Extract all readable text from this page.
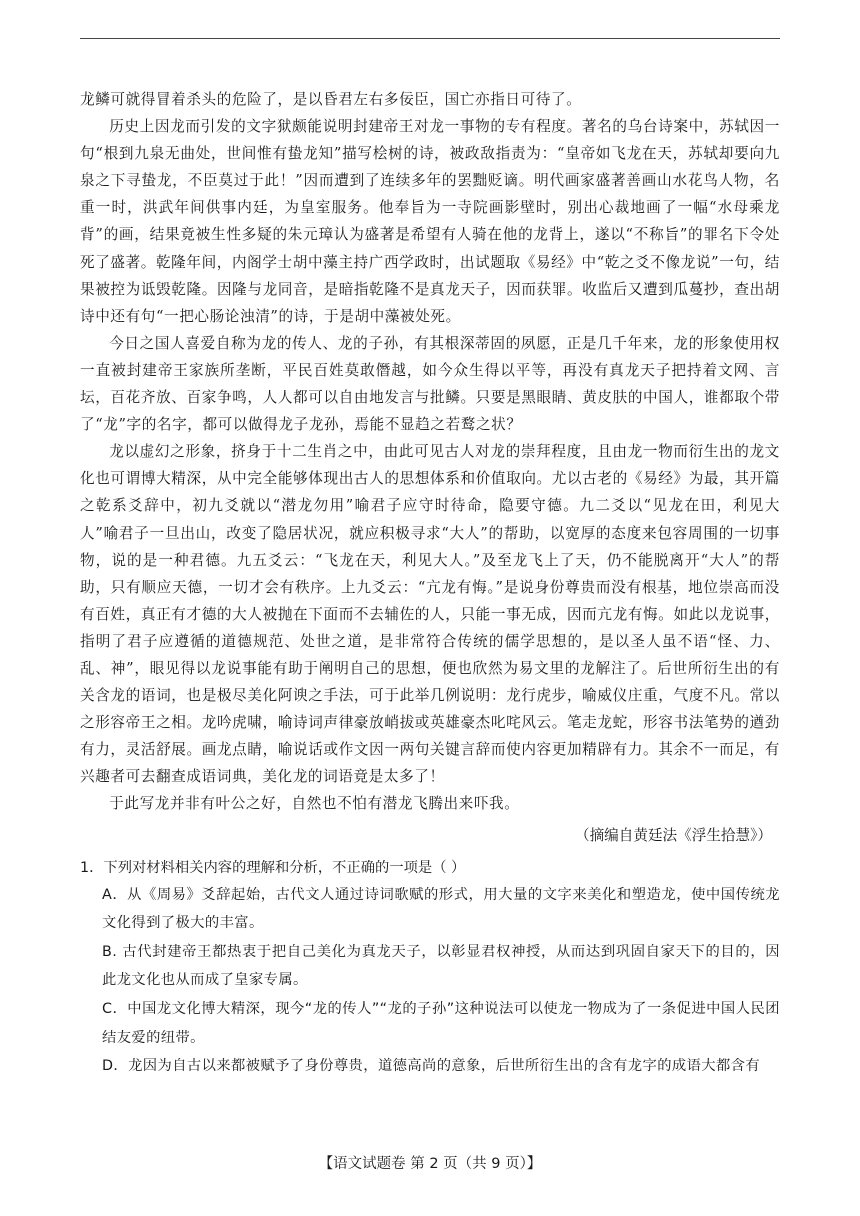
龙鳞可就得冒着杀头的危险了，是以昏君左右多佞臣，国亡亦指日可待了。

历史上因龙而引发的文字狱颇能说明封建帝王对龙一事物的专有程度。著名的乌台诗案中，苏轼因一句“根到九泉无曲处，世间惟有蛰龙知”描写桧树的诗，被政敌指责为：“皇帝如飞龙在天，苏轼却要向九泉之下寻蛰龙，不臣莫过于此！”因而遭到了连续多年的罢黜贬谪。明代画家盛著善画山水花鸟人物，名重一时，洪武年间供事内廷，为皇室服务。他奉旨为一寺院画影壁时，别出心裁地画了一幅“水母乘龙背”的画，结果竟被生性多疑的朱元璋认为盛著是希望有人骑在他的龙背上，遂以“不称旨”的罪名下令处死了盛著。乾隆年间，内阁学士胡中藻主持广西学政时，出试题取《易经》中“乾之爻不像龙说”一句，结果被控为诋毁乾隆。因隆与龙同音，是暗指乾隆不是真龙天子，因而获罪。收监后又遭到瓜蔓抄，查出胡诗中还有句“一把心肠论浊清”的诗，于是胡中藻被处死。

今日之国人喜爱自称为龙的传人、龙的子孙，有其根深蒂固的夙愿，正是几千年来，龙的形象使用权一直被封建帝王家族所垄断，平民百姓莫敢僭越，如今众生得以平等，再没有真龙天子把持着文网、言坛，百花齐放、百家争鸣，人人都可以自由地发言与批鳞。只要是黑眼睛、黄皮肤的中国人，谁都取个带了“龙”字的名字，都可以做得龙子龙孙，焉能不显趋之若鹜之状？

龙以虚幻之形象，挤身于十二生肖之中，由此可见古人对龙的崇拜程度，且由龙一物而衍生出的龙文化也可谓博大精深，从中完全能够体现出古人的思想体系和价值取向。尤以古老的《易经》为最，其开篇之乾系爻辞中，初九爻就以“潜龙勿用”喻君子应守时待命，隐要守德。九二爻以“见龙在田，利见大人”喻君子一旦出山，改变了隐居状况，就应积极寻求“大人”的帮助，以宽厚的态度来包容周围的一切事物，说的是一种君德。九五爻云：“飞龙在天，利见大人。”及至龙飞上了天，仍不能脱离开“大人”的帮助，只有顺应天德，一切才会有秩序。上九爻云：“亢龙有悔。”是说身份尊贵而没有根基，地位崇高而没有百姓，真正有才德的大人被抛在下面而不去辅佐的人，只能一事无成，因而亢龙有悔。如此以龙说事，指明了君子应遵循的道德规范、处世之道，是非常符合传统的儒学思想的，是以圣人虽不语“怪、力、乱、神”，眼见得以龙说事能有助于阐明自己的思想，便也欣然为易文里的龙解注了。后世所衍生出的有关含龙的语词，也是极尽美化阿谀之手法，可于此举几例说明：龙行虎步，喻威仪庄重，气度不凡。常以之形容帝王之相。龙吟虎啸，喻诗词声律豪放峭拔或英雄豪杰叱咤风云。笔走龙蛇，形容书法笔势的遒劲有力，灵活舒展。画龙点睛，喻说话或作文因一两句关键言辞而使内容更加精辟有力。其余不一而足，有兴趣者可去翻查成语词典，美化龙的词语竟是太多了！

于此写龙并非有叶公之好，自然也不怕有潜龙飞腾出来吓我。

（摘编自黄廷法《浮生拾慧》）

1．下列对材料相关内容的理解和分析，不正确的一项是（ ）

A．从《周易》爻辞起始，古代文人通过诗词歌赋的形式，用大量的文字来美化和塑造龙，使中国传统龙文化得到了极大的丰富。

B. 古代封建帝王都热衷于把自己美化为真龙天子，以彰显君权神授，从而达到巩固自家天下的目的，因此龙文化也从而成了皇家专属。

C．中国龙文化博大精深，现今“龙的传人”“龙的子孙”这种说法可以使龙一物成为了一条促进中国人民团结友爱的纽带。

D．龙因为自古以来都被赋予了身份尊贵，道德高尚的意象，后世所衍生出的含有龙字的成语大都含有

【语文试题卷 第 2 页（共 9 页）】
